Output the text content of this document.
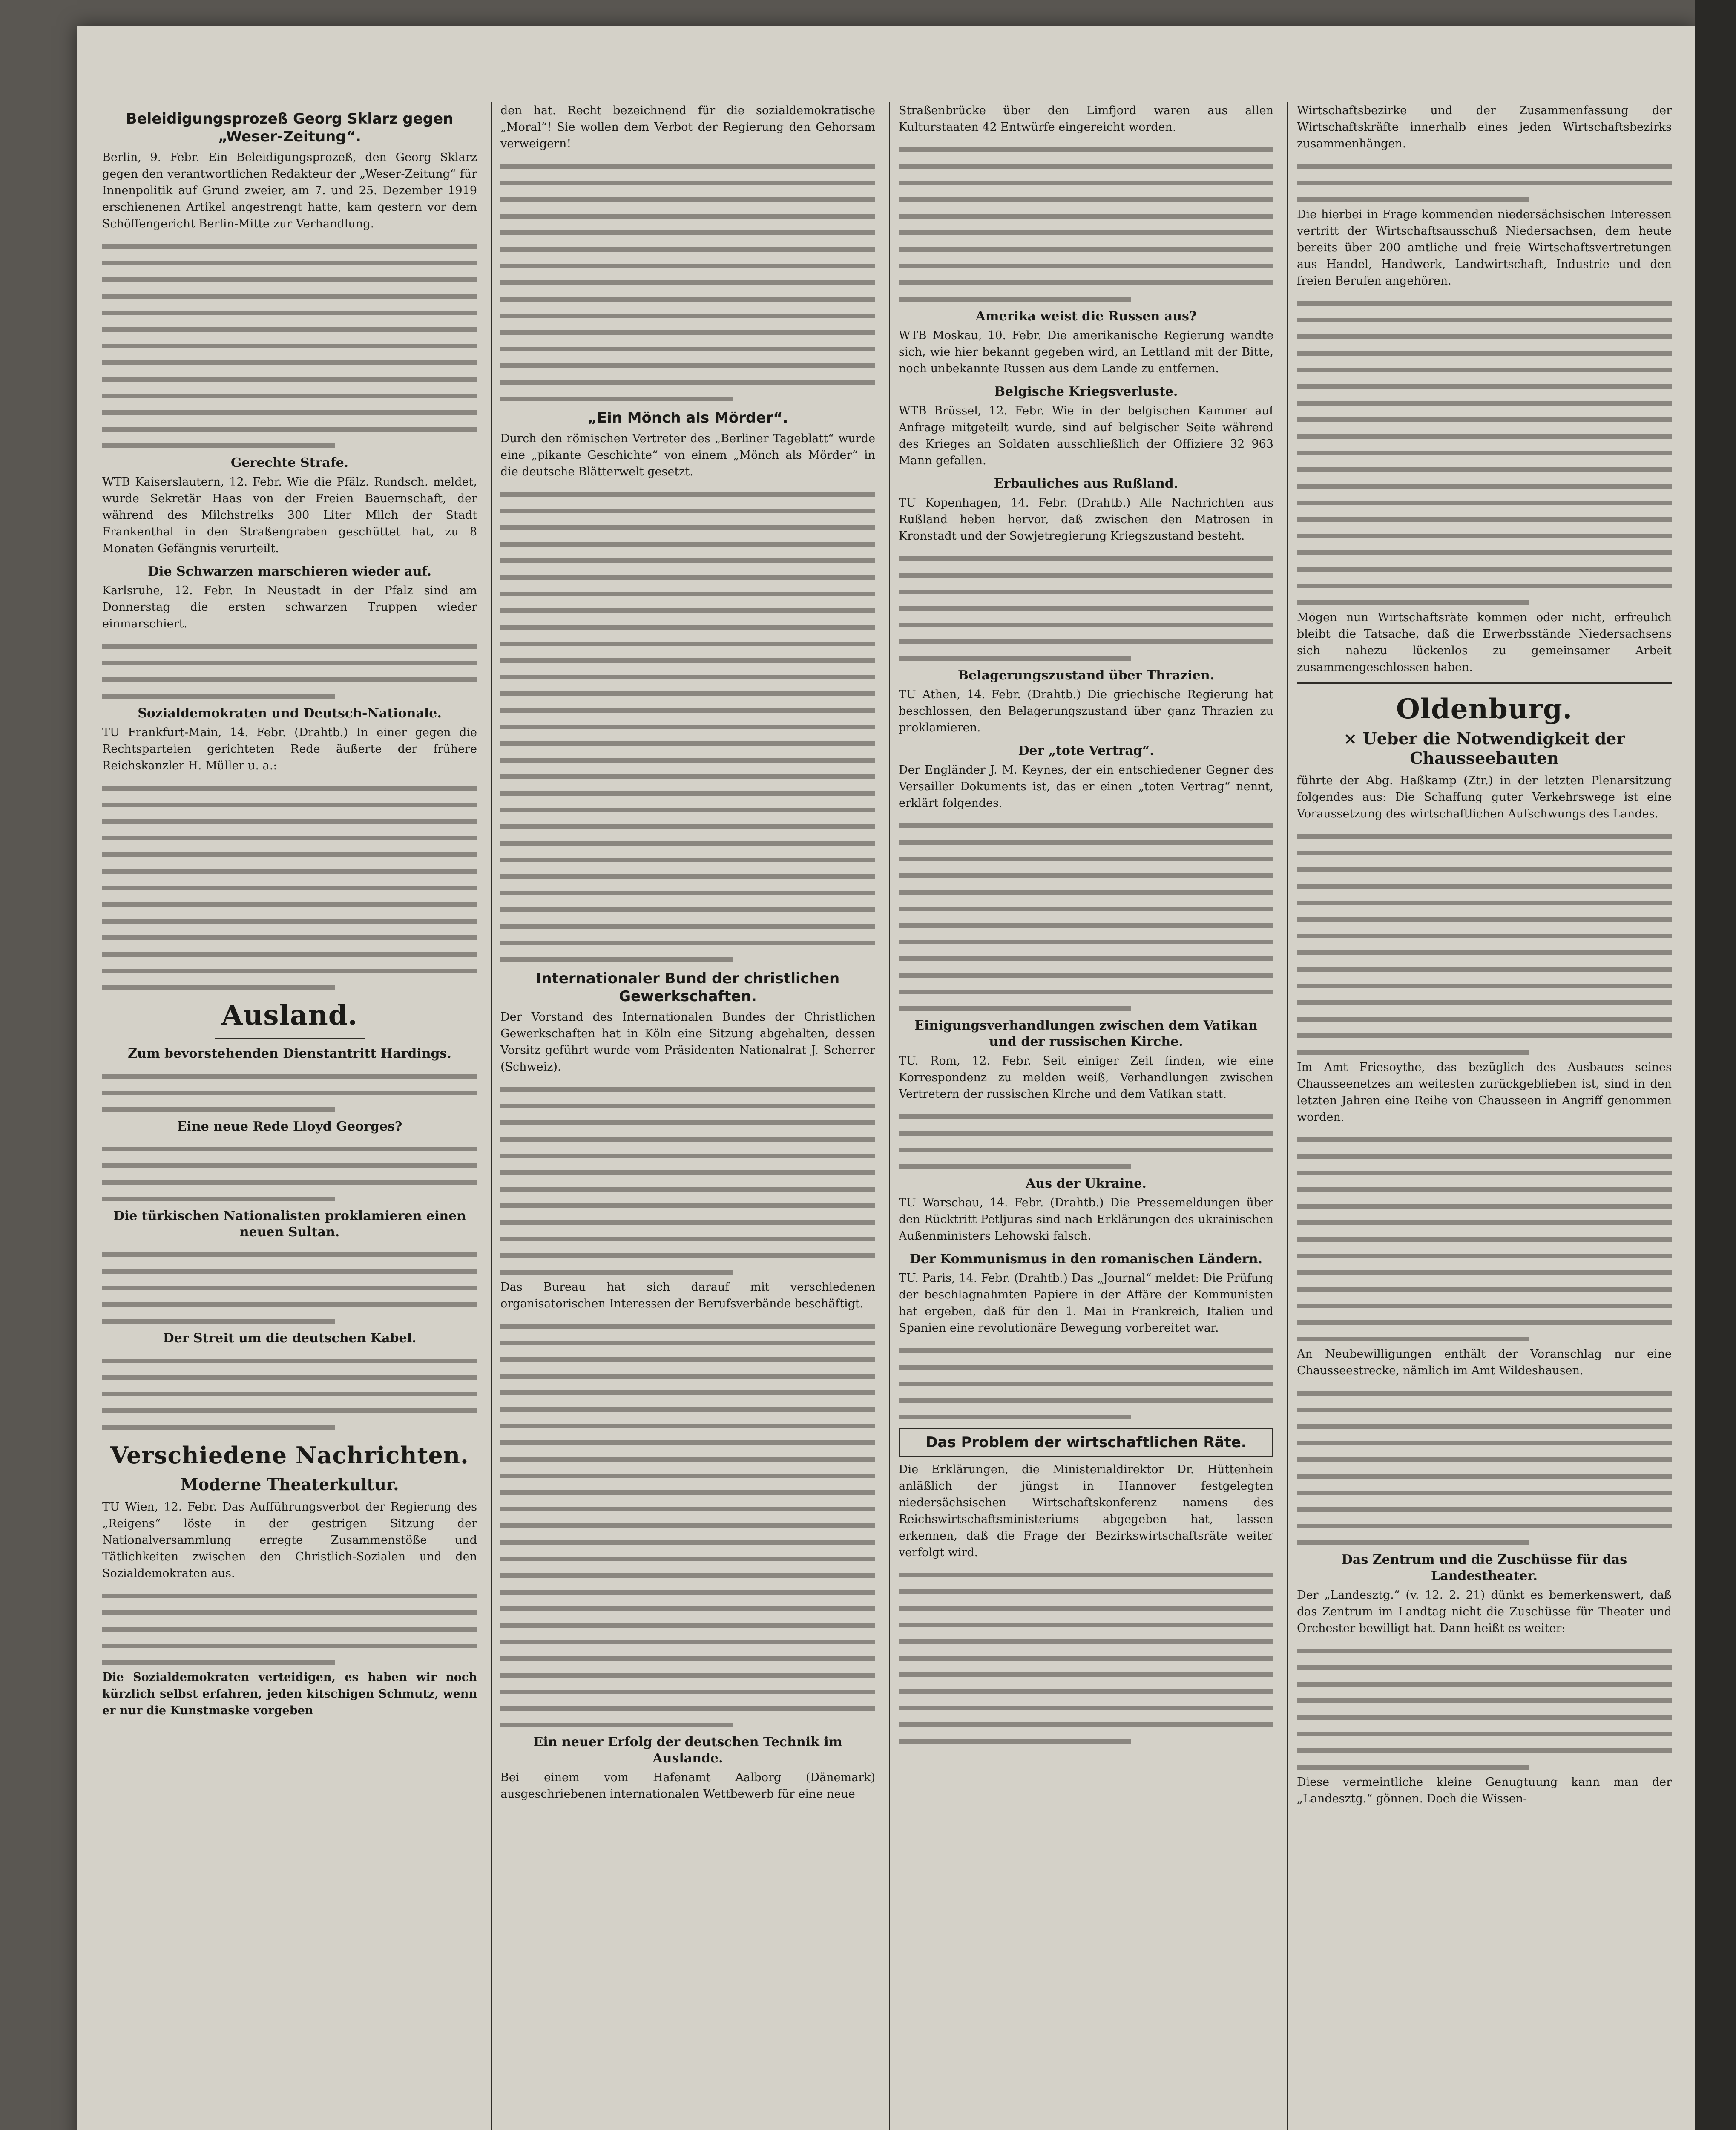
Beleidigungsprozeß Georg Sklarz gegen „Weser-Zeitung“.

Berlin, 9. Febr. Ein Beleidigungsprozeß, den Georg Sklarz gegen den verantwortlichen Redakteur der „Weser-Zeitung“ für Innenpolitik auf Grund zweier, am 7. und 25. Dezember 1919 erschienenen Artikel angestrengt hatte, kam gestern vor dem Schöffengericht Berlin-Mitte zur Verhandlung.

Gerechte Strafe.

WTB Kaiserslautern, 12. Febr. Wie die Pfälz. Rundsch. meldet, wurde Sekretär Haas von der Freien Bauernschaft, der während des Milchstreiks 300 Liter Milch der Stadt Frankenthal in den Straßengraben geschüttet hat, zu 8 Monaten Gefängnis verurteilt.

Die Schwarzen marschieren wieder auf.

Karlsruhe, 12. Febr. In Neustadt in der Pfalz sind am Donnerstag die ersten schwarzen Truppen wieder einmarschiert.

Sozialdemokraten und Deutsch-Nationale.

TU Frankfurt-Main, 14. Febr. (Drahtb.) In einer gegen die Rechtsparteien gerichteten Rede äußerte der frühere Reichskanzler H. Müller u. a.:

Ausland.
Zum bevorstehenden Dienstantritt Hardings.
Eine neue Rede Lloyd Georges?
Die türkischen Nationalisten proklamieren einen neuen Sultan.
Der Streit um die deutschen Kabel.
Verschiedene Nachrichten.
Moderne Theaterkultur.

TU Wien, 12. Febr. Das Aufführungsverbot der Regierung des „Reigens“ löste in der gestrigen Sitzung der Nationalversammlung erregte Zusammenstöße und Tätlichkeiten zwischen den Christlich-Sozialen und den Sozialdemokraten aus.

Die Sozialdemokraten verteidigen, es haben wir noch kürzlich selbst erfahren, jeden kitschigen Schmutz, wenn er nur die Kunstmaske vorgeben

den hat. Recht bezeichnend für die sozialdemokratische „Moral“! Sie wollen dem Verbot der Regierung den Gehorsam verweigern!

„Ein Mönch als Mörder“.

Durch den römischen Vertreter des „Berliner Tageblatt“ wurde eine „pikante Geschichte“ von einem „Mönch als Mörder“ in die deutsche Blätterwelt gesetzt.

Internationaler Bund der christlichen Gewerkschaften.

Der Vorstand des Internationalen Bundes der Christlichen Gewerkschaften hat in Köln eine Sitzung abgehalten, dessen Vorsitz geführt wurde vom Präsidenten Nationalrat J. Scherrer (Schweiz).

Das Bureau hat sich darauf mit verschiedenen organisatorischen Interessen der Berufsverbände beschäftigt.

Ein neuer Erfolg der deutschen Technik im Auslande.

Bei einem vom Hafenamt Aalborg (Dänemark) ausgeschriebenen internationalen Wettbewerb für eine neue

Straßenbrücke über den Limfjord waren aus allen Kulturstaaten 42 Entwürfe eingereicht worden.

Amerika weist die Russen aus?

WTB Moskau, 10. Febr. Die amerikanische Regierung wandte sich, wie hier bekannt gegeben wird, an Lettland mit der Bitte, noch unbekannte Russen aus dem Lande zu entfernen.

Belgische Kriegsverluste.

WTB Brüssel, 12. Febr. Wie in der belgischen Kammer auf Anfrage mitgeteilt wurde, sind auf belgischer Seite während des Krieges an Soldaten ausschließlich der Offiziere 32 963 Mann gefallen.

Erbauliches aus Rußland.

TU Kopenhagen, 14. Febr. (Drahtb.) Alle Nachrichten aus Rußland heben hervor, daß zwischen den Matrosen in Kronstadt und der Sowjetregierung Kriegszustand besteht.

Belagerungszustand über Thrazien.

TU Athen, 14. Febr. (Drahtb.) Die griechische Regierung hat beschlossen, den Belagerungszustand über ganz Thrazien zu proklamieren.

Der „tote Vertrag“.

Der Engländer J. M. Keynes, der ein entschiedener Gegner des Versailler Dokuments ist, das er einen „toten Vertrag“ nennt, erklärt folgendes.

Einigungsverhandlungen zwischen dem Vatikan und der russischen Kirche.

TU. Rom, 12. Febr. Seit einiger Zeit finden, wie eine Korrespondenz zu melden weiß, Verhandlungen zwischen Vertretern der russischen Kirche und dem Vatikan statt.

Aus der Ukraine.

TU Warschau, 14. Febr. (Drahtb.) Die Pressemeldungen über den Rücktritt Petljuras sind nach Erklärungen des ukrainischen Außenministers Lehowski falsch.

Der Kommunismus in den romanischen Ländern.

TU. Paris, 14. Febr. (Drahtb.) Das „Journal“ meldet: Die Prüfung der beschlagnahmten Papiere in der Affäre der Kommunisten hat ergeben, daß für den 1. Mai in Frankreich, Italien und Spanien eine revolutionäre Bewegung vorbereitet war.

Das Problem der wirtschaftlichen Räte.

Die Erklärungen, die Ministerialdirektor Dr. Hüttenhein anläßlich der jüngst in Hannover festgelegten niedersächsischen Wirtschaftskonferenz namens des Reichswirtschaftsministeriums abgegeben hat, lassen erkennen, daß die Frage der Bezirkswirtschaftsräte weiter verfolgt wird.

Wirtschaftsbezirke und der Zusammenfassung der Wirtschaftskräfte innerhalb eines jeden Wirtschaftsbezirks zusammenhängen.

Die hierbei in Frage kommenden niedersächsischen Interessen vertritt der Wirtschaftsausschuß Niedersachsen, dem heute bereits über 200 amtliche und freie Wirtschaftsvertretungen aus Handel, Handwerk, Landwirtschaft, Industrie und den freien Berufen angehören.

Mögen nun Wirtschaftsräte kommen oder nicht, erfreulich bleibt die Tatsache, daß die Erwerbsstände Niedersachsens sich nahezu lückenlos zu gemeinsamer Arbeit zusammengeschlossen haben.

Oldenburg.
× Ueber die Notwendigkeit der Chausseebauten

führte der Abg. Haßkamp (Ztr.) in der letzten Plenarsitzung folgendes aus: Die Schaffung guter Verkehrswege ist eine Voraussetzung des wirtschaftlichen Aufschwungs des Landes.

Im Amt Friesoythe, das bezüglich des Ausbaues seines Chausseenetzes am weitesten zurückgeblieben ist, sind in den letzten Jahren eine Reihe von Chausseen in Angriff genommen worden.

An Neubewilligungen enthält der Voranschlag nur eine Chausseestrecke, nämlich im Amt Wildeshausen.

Das Zentrum und die Zuschüsse für das Landestheater.

Der „Landesztg.“ (v. 12. 2. 21) dünkt es bemerkenswert, daß das Zentrum im Landtag nicht die Zuschüsse für Theater und Orchester bewilligt hat. Dann heißt es weiter:

Diese vermeintliche kleine Genugtuung kann man der „Landesztg.“ gönnen. Doch die Wissen-
